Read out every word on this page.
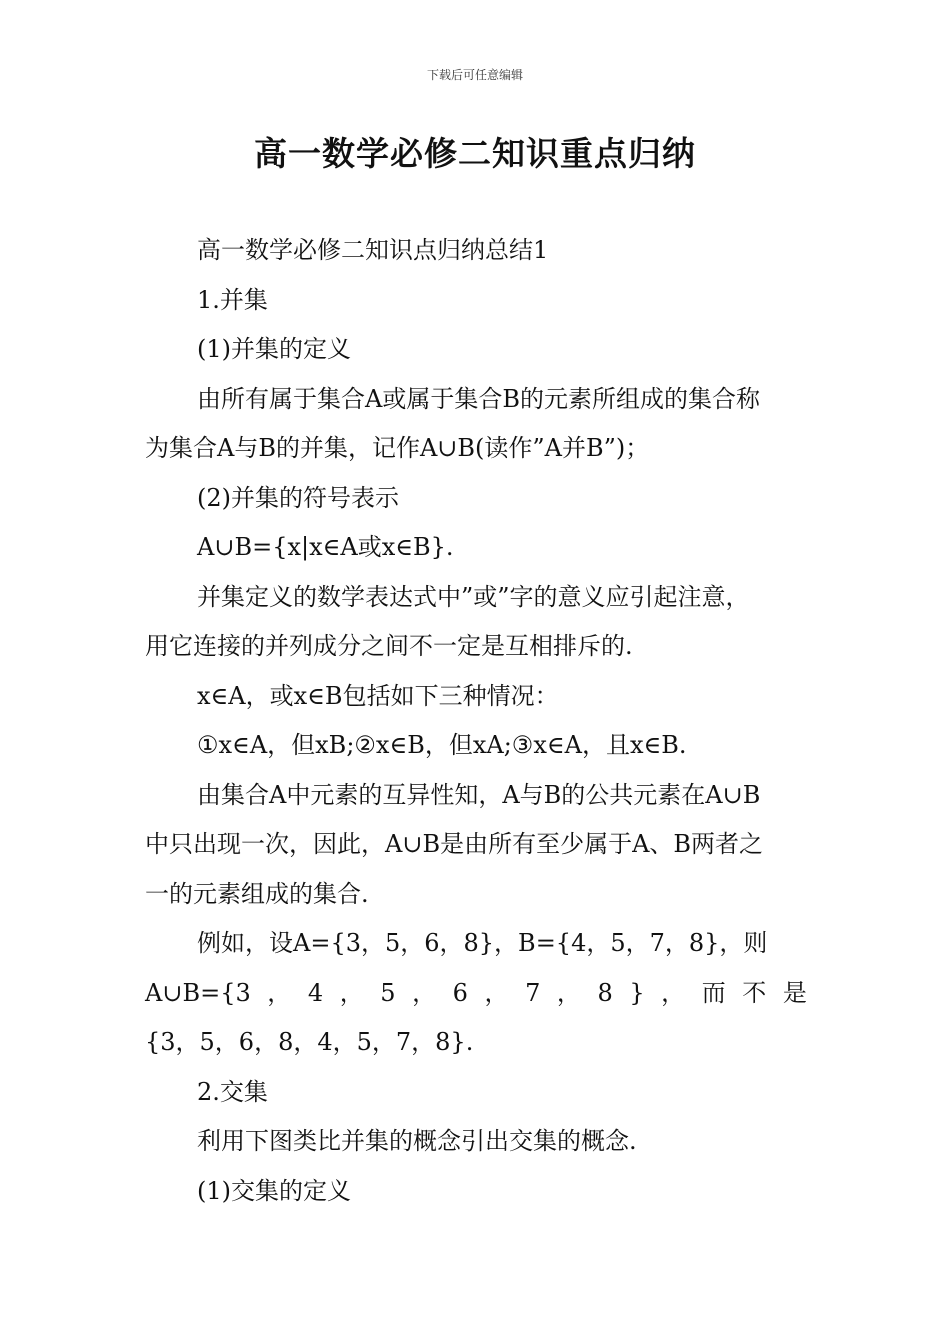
下载后可任意编辑
高一数学必修二知识重点归纳

高一数学必修二知识点归纳总结1

1.并集

(1)并集的定义

由所有属于集合A或属于集合B的元素所组成的集合称

为集合A与B的并集，记作A∪B(读作”A并B”)；

(2)并集的符号表示

A∪B={x|x∈A或x∈B}.

并集定义的数学表达式中”或”字的意义应引起注意，

用它连接的并列成分之间不一定是互相排斥的.

x∈A，或x∈B包括如下三种情况：

①x∈A，但xB;②x∈B，但xA;③x∈A，且x∈B.

由集合A中元素的互异性知，A与B的公共元素在A∪B

中只出现一次，因此，A∪B是由所有至少属于A、B两者之

一的元素组成的集合.

例如，设A={3，5，6，8}，B={4，5，7，8}，则

A∪B={3 ， 4 ， 5 ， 6 ， 7 ， 8 } ， 而 不 是

{3，5，6，8，4，5，7，8}.

2.交集

利用下图类比并集的概念引出交集的概念.

(1)交集的定义
